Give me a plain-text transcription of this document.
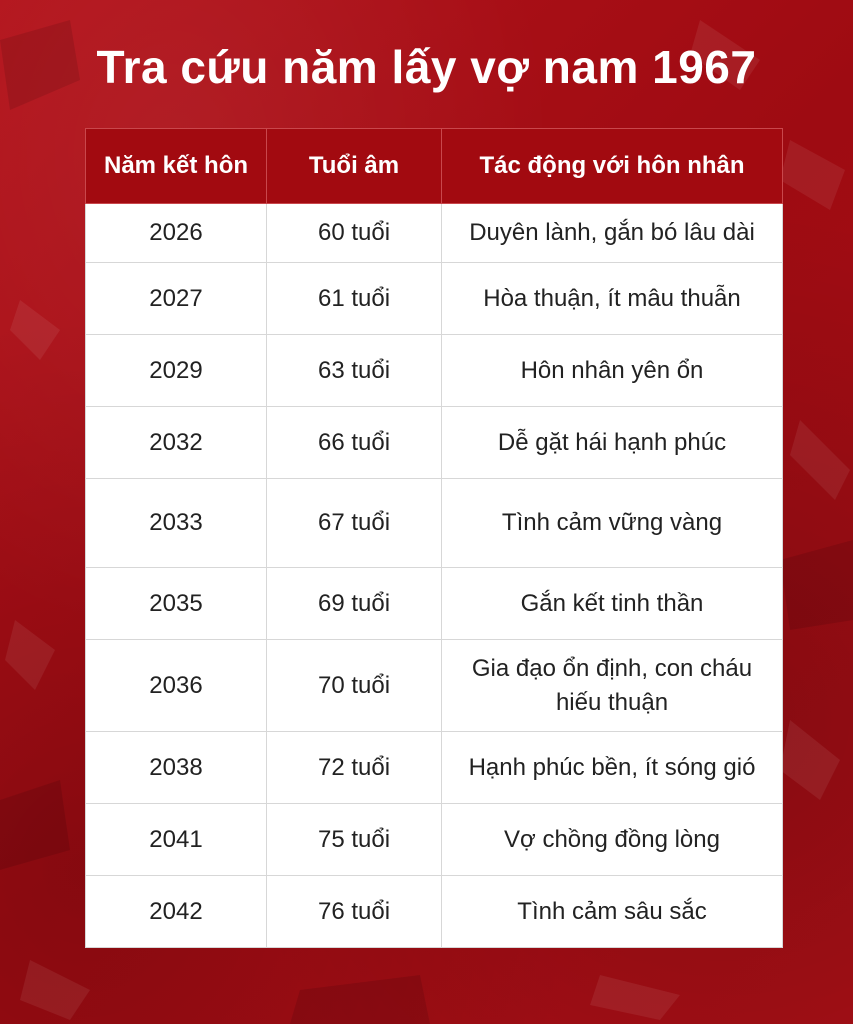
Tra cứu năm lấy vợ nam 1967
Năm kết hôn	Tuổi âm	Tác động với hôn nhân
2026	60 tuổi	Duyên lành, gắn bó lâu dài
2027	61 tuổi	Hòa thuận, ít mâu thuẫn
2029	63 tuổi	Hôn nhân yên ổn
2032	66 tuổi	Dễ gặt hái hạnh phúc
2033	67 tuổi	Tình cảm vững vàng
2035	69 tuổi	Gắn kết tinh thần
2036	70 tuổi	Gia đạo ổn định, con cháu hiếu thuận
2038	72 tuổi	Hạnh phúc bền, ít sóng gió
2041	75 tuổi	Vợ chồng đồng lòng
2042	76 tuổi	Tình cảm sâu sắc
